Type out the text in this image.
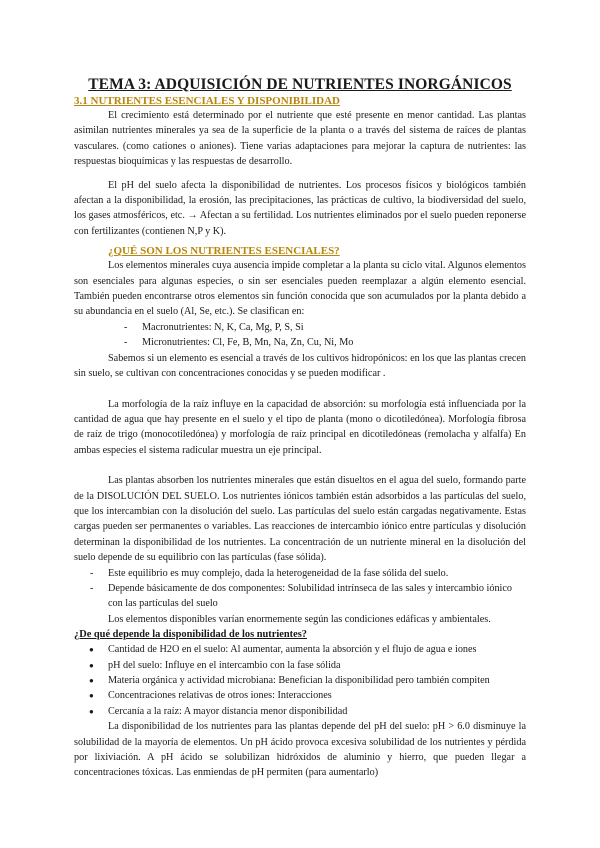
TEMA 3: ADQUISICIÓN DE NUTRIENTES INORGÁNICOS
3.1 NUTRIENTES ESENCIALES Y DISPONIBILIDAD

El crecimiento está determinado por el nutriente que esté presente en menor cantidad. Las plantas asimilan nutrientes minerales ya sea de la superficie de la planta o a través del sistema de raíces de plantas vasculares. (como cationes o aniones). Tiene varias adaptaciones para mejorar la captura de nutrientes: las respuestas bioquímicas y las respuestas de desarrollo.

El pH del suelo afecta la disponibilidad de nutrientes. Los procesos físicos y biológicos también afectan a la disponibilidad, la erosión, las precipitaciones, las prácticas de cultivo, la biodiversidad del suelo, los gases atmosféricos, etc. → Afectan a su fertilidad. Los nutrientes eliminados por el suelo pueden reponerse con fertilizantes (contienen N,P y K).

¿QUÉ SON LOS NUTRIENTES ESENCIALES?

Los elementos minerales cuya ausencia impide completar a la planta su ciclo vital. Algunos elementos son esenciales para algunas especies, o sin ser esenciales pueden reemplazar a algún elemento esencial. También pueden encontrarse otros elementos sin función conocida que son acumulados por la planta debido a su abundancia en el suelo (Al, Se, etc.). Se clasifican en:

- Macronutrientes: N, K, Ca, Mg, P, S, Si
- Micronutrientes: Cl, Fe, B, Mn, Na, Zn, Cu, Ni, Mo

Sabemos si un elemento es esencial a través de los cultivos hidropónicos: en los que las plantas crecen sin suelo, se cultivan con concentraciones conocidas y se pueden modificar .

La morfología de la raíz influye en la capacidad de absorción: su morfología está influenciada por la cantidad de agua que hay presente en el suelo y el tipo de planta (mono o dicotiledónea). Morfología fibrosa de raíz de trigo (monocotiledónea) y morfología de raíz principal en dicotiledóneas (remolacha y alfalfa) En ambas especies el sistema radicular muestra un eje principal.

Las plantas absorben los nutrientes minerales que están disueltos en el agua del suelo, formando parte de la DISOLUCIÓN DEL SUELO. Los nutrientes iónicos también están adsorbidos a las partículas del suelo, que los intercambian con la disolución del suelo. Las partículas del suelo están cargadas negativamente. Estas cargas pueden ser permanentes o variables. Las reacciones de intercambio iónico entre partículas y disolución determinan la disponibilidad de los nutrientes. La concentración de un nutriente mineral en la disolución del suelo depende de su equilibrio con las partículas (fase sólida).

- Este equilibrio es muy complejo, dada la heterogeneidad de la fase sólida del suelo.
- Depende básicamente de dos componentes: Solubilidad intrínseca de las sales y intercambio iónico con las partículas del suelo

Los elementos disponibles varían enormemente según las condiciones edáficas y ambientales.

¿De qué depende la disponibilidad de los nutrientes?

● Cantidad de H2O en el suelo: Al aumentar, aumenta la absorción y el flujo de agua e iones
● pH del suelo: Influye en el intercambio con la fase sólida
● Materia orgánica y actividad microbiana: Benefician la disponibilidad pero también compiten
● Concentraciones relativas de otros iones: Interacciones
● Cercanía a la raíz: A mayor distancia menor disponibilidad

La disponibilidad de los nutrientes para las plantas depende del pH del suelo: pH > 6.0 disminuye la solubilidad de la mayoría de elementos. Un pH ácido provoca excesiva solubilidad de los nutrientes y pérdida por lixiviación. A pH ácido se solubilizan hidróxidos de aluminio y hierro, que pueden llegar a concentraciones tóxicas. Las enmiendas de pH permiten (para aumentarlo)
